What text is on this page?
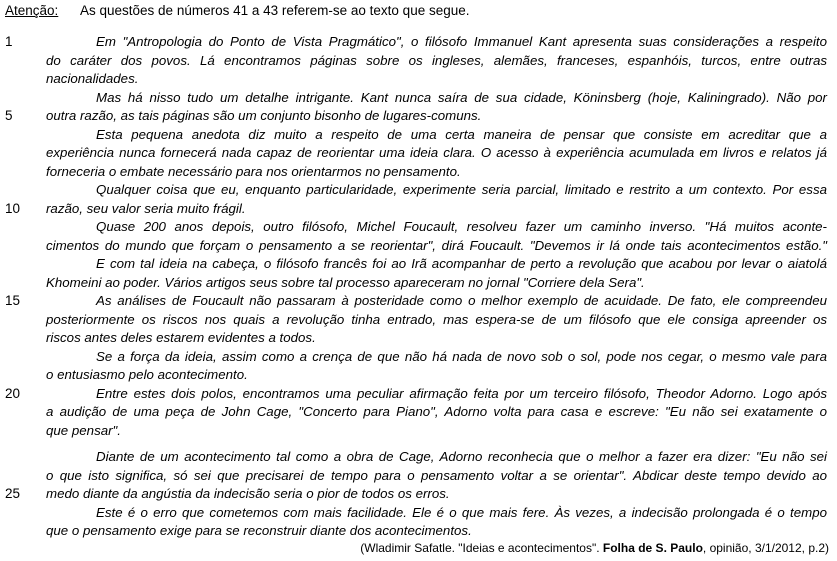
Atenção: As questões de números 41 a 43 referem-se ao texto que segue.
1	Em "Antropologia do Ponto de Vista Pragmático", o filósofo Immanuel Kant apresenta suas considerações a respeito
do caráter dos povos. Lá encontramos páginas sobre os ingleses, alemães, franceses, espanhóis, turcos, entre outras
nacionalidades.
Mas há nisso tudo um detalhe intrigante. Kant nunca saíra de sua cidade, Köninsberg (hoje, Kaliningrado). Não por
5	outra razão, as tais páginas são um conjunto bisonho de lugares-comuns.
Esta pequena anedota diz muito a respeito de uma certa maneira de pensar que consiste em acreditar que a
experiência nunca fornecerá nada capaz de reorientar uma ideia clara. O acesso à experiência acumulada em livros e relatos já
forneceria o embate necessário para nos orientarmos no pensamento.
Qualquer coisa que eu, enquanto particularidade, experimente seria parcial, limitado e restrito a um contexto. Por essa
10	razão, seu valor seria muito frágil.
Quase 200 anos depois, outro filósofo, Michel Foucault, resolveu fazer um caminho inverso. "Há muitos aconte-
cimentos do mundo que forçam o pensamento a se reorientar", dirá Foucault. "Devemos ir lá onde tais acontecimentos estão."
E com tal ideia na cabeça, o filósofo francês foi ao Irã acompanhar de perto a revolução que acabou por levar o aiatolá
Khomeini ao poder. Vários artigos seus sobre tal processo apareceram no jornal "Corriere dela Sera".
15	As análises de Foucault não passaram à posteridade como o melhor exemplo de acuidade. De fato, ele compreendeu
posteriormente os riscos nos quais a revolução tinha entrado, mas espera-se de um filósofo que ele consiga apreender os
riscos antes deles estarem evidentes a todos.
Se a força da ideia, assim como a crença de que não há nada de novo sob o sol, pode nos cegar, o mesmo vale para
o entusiasmo pelo acontecimento.
20	Entre estes dois polos, encontramos uma peculiar afirmação feita por um terceiro filósofo, Theodor Adorno. Logo após
a audição de uma peça de John Cage, "Concerto para Piano", Adorno volta para casa e escreve: "Eu não sei exatamente o
que pensar".
Diante de um acontecimento tal como a obra de Cage, Adorno reconhecia que o melhor a fazer era dizer: "Eu não sei
o que isto significa, só sei que precisarei de tempo para o pensamento voltar a se orientar". Abdicar deste tempo devido ao
25	medo diante da angústia da indecisão seria o pior de todos os erros.
Este é o erro que cometemos com mais facilidade. Ele é o que mais fere. Às vezes, a indecisão prolongada é o tempo
que o pensamento exige para se reconstruir diante dos acontecimentos.
(Wladimir Safatle. "Ideias e acontecimentos". Folha de S. Paulo, opinião, 3/1/2012, p.2)
